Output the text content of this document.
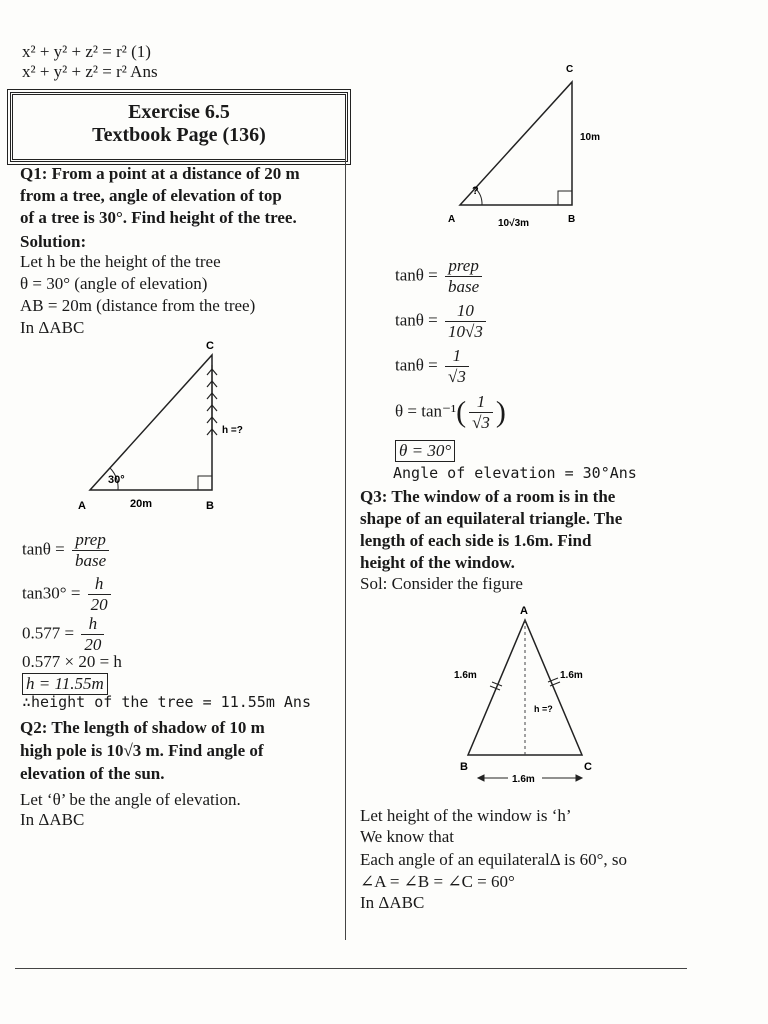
x² + y² + z² = r² (1)
x² + y² + z² = r² Ans
Exercise 6.5
Textbook Page (136)
Q1: From a point at a distance of 20 m
from a tree, angle of elevation of top
of a tree is 30°. Find height of the tree.
Solution:
Let h be the height of the tree
θ = 30° (angle of elevation)
AB = 20m (distance from the tree)
In ΔABC
C
A	B
30°
20m
h =?
$\tan\theta = \frac{\text{prep}}{\text{base}}$
$\tan 30^\circ = \frac{h}{20}$
$0.577 = \frac{h}{20}$
0.577 × 20 = h
h = 11.55m
∴height of the tree = 11.55m Ans
Q2: The length of shadow of 10 m
high pole is 10√3 m. Find angle of
elevation of the sun.
Let ‘θ’ be the angle of elevation.
In ΔABC
C
A	B
?
10√3m
10m
$\tan\theta = \frac{\text{prep}}{\text{base}}$
$\tan\theta = \frac{10}{10√3}$
$\tan\theta = \frac{1}{√3}$
$\theta = \tan^{-1}( \frac{1}{√3}$ )
θ = 30°
Angle of elevation = 30°Ans
Q3: The window of a room is in the
shape of an equilateral triangle. The
length of each side is 1.6m. Find
height of the window.
Sol: Consider the figure
A
B	C
1.6m	1.6m
h =?
1.6m
Let height of the window is ‘h’
We know that
Each angle of an equilateralΔ is 60°, so
∠A = ∠B = ∠C = 60°
In ΔABC
